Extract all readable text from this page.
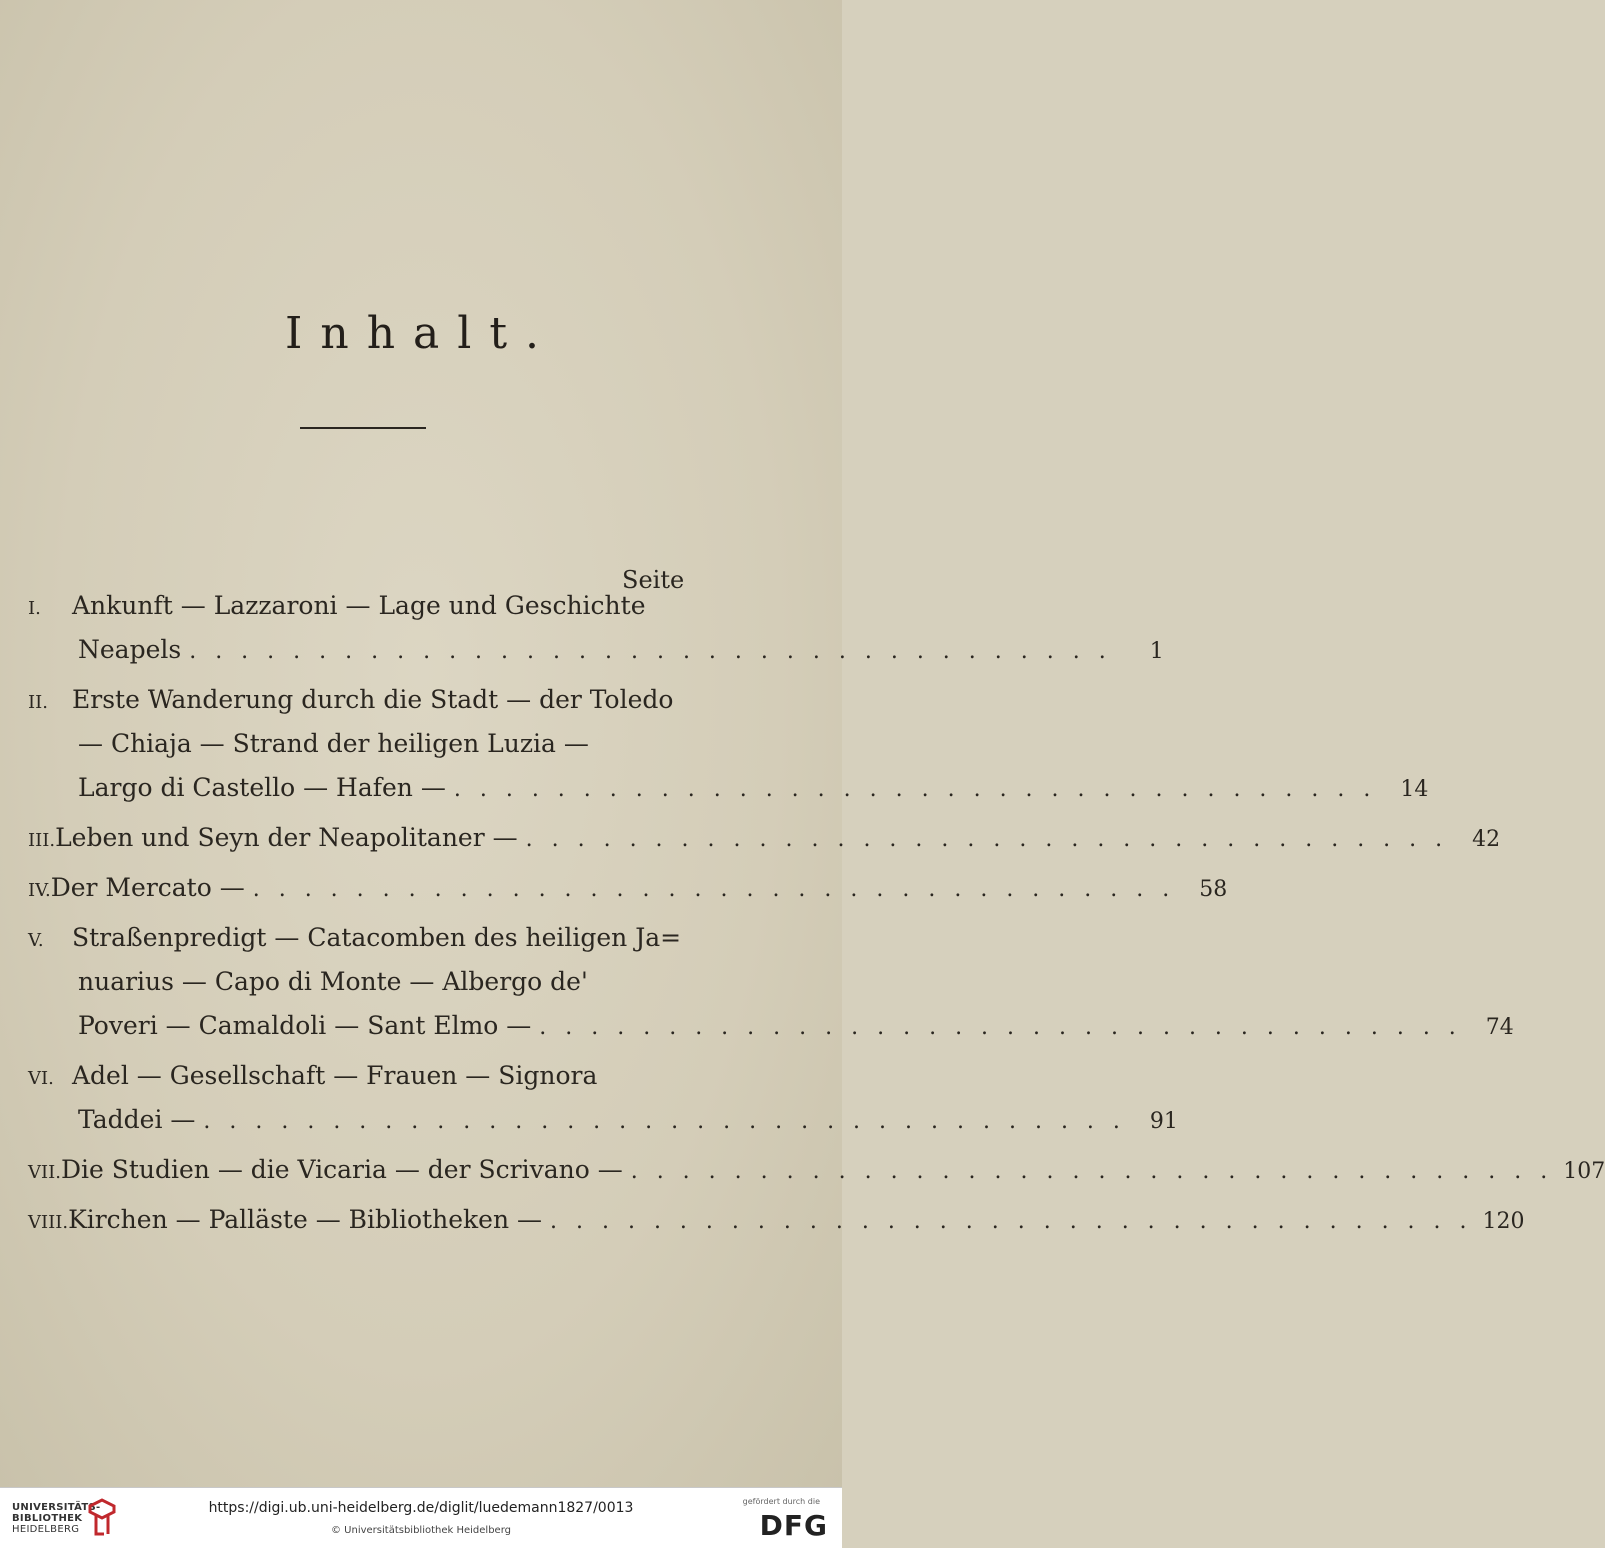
Inhalt.
Seite
I.	Ankunft — Lazzaroni — Lage und Geschichte
Neapels . . . . . . . . . . . . . . . . . . . . . . . . . . . . . . . . . . . .	1
II. Erste Wanderung durch die Stadt — der Toledo
— Chiaja — Strand der heiligen Luzia —
Largo di Castello — Hafen — . . . . . . . . . . . . . . . . . . . . . . . . . . . . . . . . . . . .	14
III. Leben und Seyn der Neapolitaner — . . . . . . . . . . . . . . . . . . . . . . . . . . . . . . . . . . . .	42
IV. Der Mercato — . . . . . . . . . . . . . . . . . . . . . . . . . . . . . . . . . . . .	58
V.	Straßenpredigt — Catacomben des heiligen Ja=
nuarius — Capo di Monte — Albergo de'
Poveri — Camaldoli — Sant Elmo — . . . . . . . . . . . . . . . . . . . . . . . . . . . . . . . . . . . .	74
VI. Adel — Gesellschaft — Frauen — Signora
Taddei — . . . . . . . . . . . . . . . . . . . . . . . . . . . . . . . . . . . .	91
VII. Die Studien — die Vicaria — der Scrivano — . . . . . . . . . . . . . . . . . . . . . . . . . . . . . . . . . . . . 107
VIII. Kirchen — Palläste — Bibliotheken — . . . . . . . . . . . . . . . . . . . . . . . . . . . . . . . . . . . . 120
UNIVERSITÄTS-
BIBLIOTHEK
HEIDELBERG
https://digi.ub.uni-heidelberg.de/diglit/luedemann1827/0013
© Universitätsbibliothek Heidelberg
gefördert durch die
DFG
